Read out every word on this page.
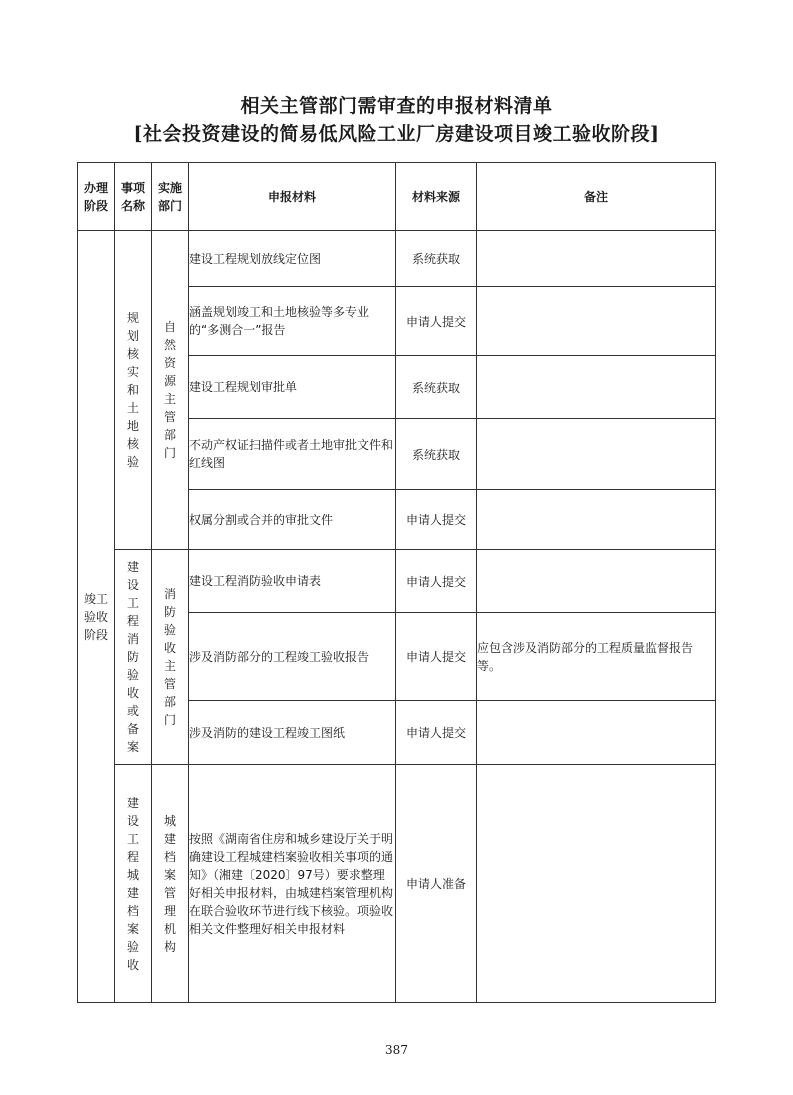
相关主管部门需审查的申报材料清单
[社会投资建设的简易低风险工业厂房建设项目竣工验收阶段]
办理阶段	事项名称	实施部门	申报材料	材料来源	备注

竣工验收阶段	规划核实和土地核验	自然资源主管部门	建设工程规划放线定位图	系统获取	
			涵盖规划竣工和土地核验等多专业的“多测合一”报告	申请人提交	
			建设工程规划审批单	系统获取	
			不动产权证扫描件或者土地审批文件和红线图	系统获取	
			权属分割或合并的审批文件	申请人提交	

	建设工程消防验收或备案	消防验收主管部门	建设工程消防验收申请表	申请人提交	
			涉及消防部分的工程竣工验收报告	申请人提交	应包含涉及消防部分的工程质量监督报告等。
			涉及消防的建设工程竣工图纸	申请人提交	

	建设工程城建档案验收	城建档案管理机构	按照《湖南省住房和城乡建设厅关于明确建设工程城建档案验收相关事项的通知》（湘建〔2020〕97号）要求整理好相关申报材料，由城建档案管理机构在联合验收环节进行线下核验。项验收相关文件整理好相关申报材料	申请人准备	
387
